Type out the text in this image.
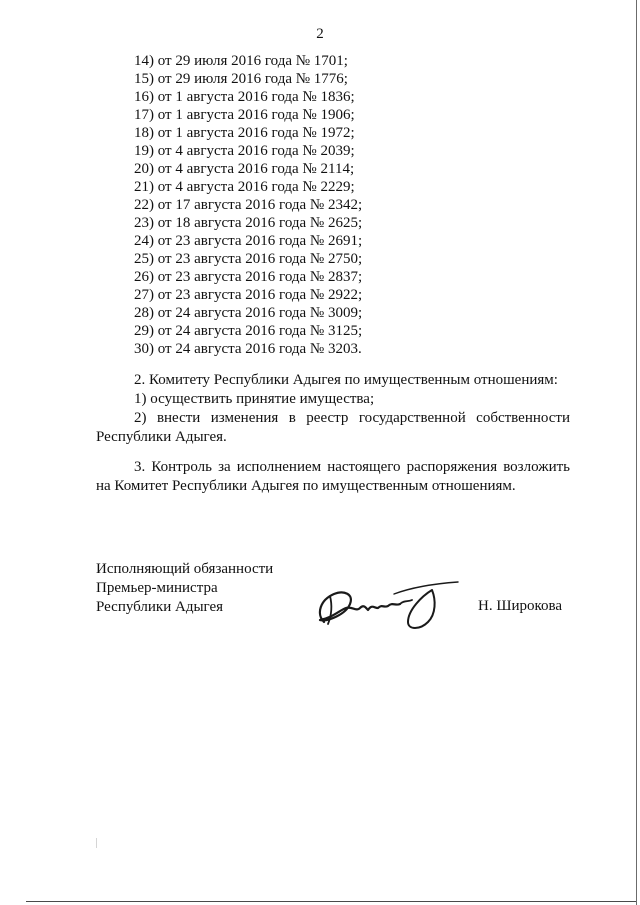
2
14) от 29 июля 2016 года № 1701;
15) от 29 июля 2016 года № 1776;
16) от 1 августа 2016 года № 1836;
17) от 1 августа 2016 года № 1906;
18) от 1 августа 2016 года № 1972;
19) от 4 августа 2016 года № 2039;
20) от 4 августа 2016 года № 2114;
21) от 4 августа 2016 года № 2229;
22) от 17 августа 2016 года № 2342;
23) от 18 августа 2016 года № 2625;
24) от 23 августа 2016 года № 2691;
25) от 23 августа 2016 года № 2750;
26) от 23 августа 2016 года № 2837;
27) от 23 августа 2016 года № 2922;
28) от 24 августа 2016 года № 3009;
29) от 24 августа 2016 года № 3125;
30) от 24 августа 2016 года № 3203.

2. Комитету Республики Адыгея по имущественным отношениям:

1) осуществить принятие имущества;

2) внести изменения в реестр государственной собственности Республики Адыгея.

3. Контроль за исполнением настоящего распоряжения возложить на Комитет Республики Адыгея по имущественным отношениям.

Исполняющий обязанности
Премьер-министра
Республики Адыгея	Н. Широкова
